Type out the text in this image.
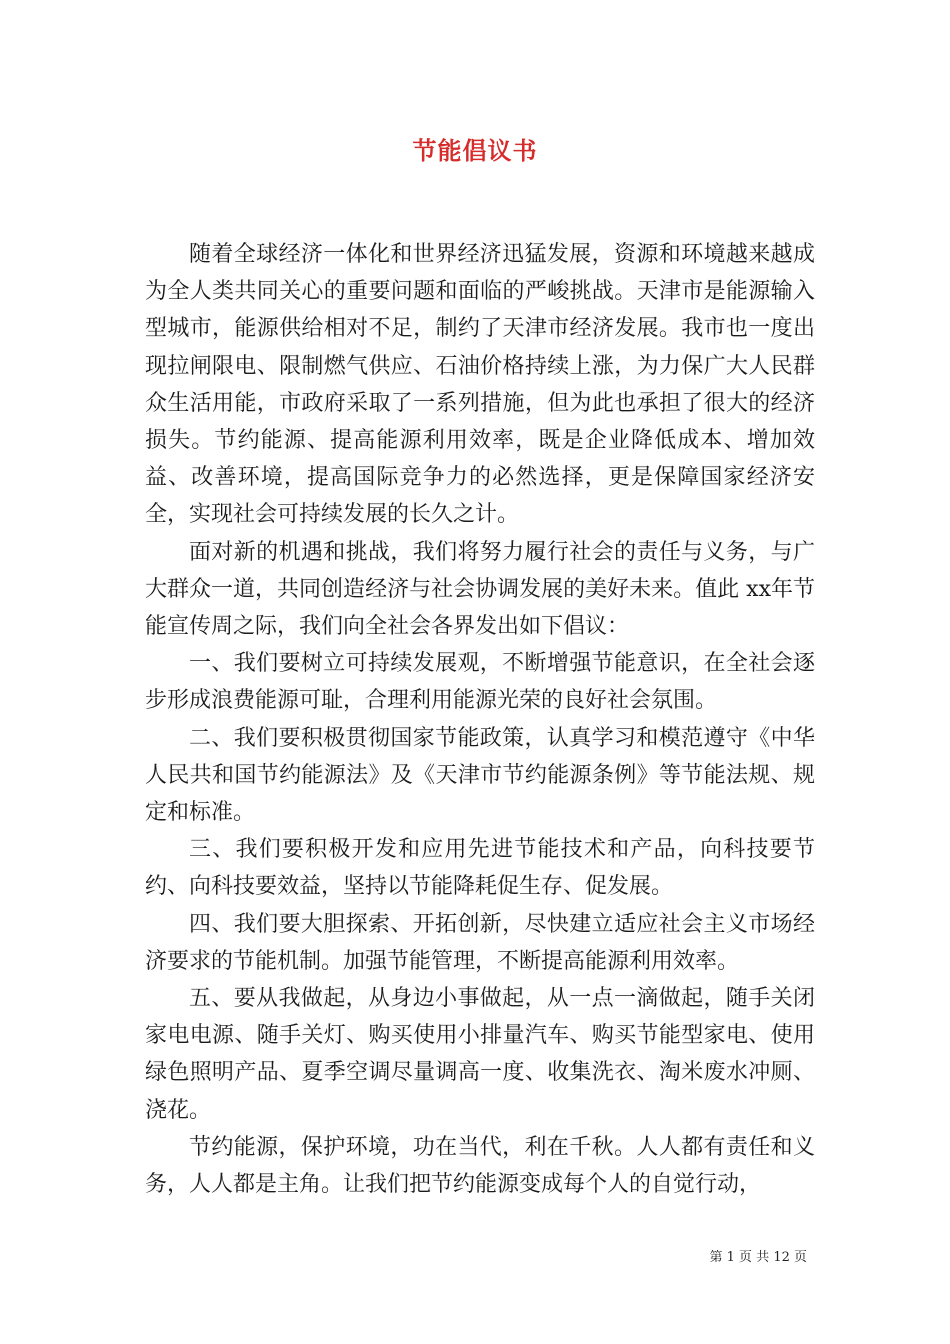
节能倡议书

随着全球经济一体化和世界经济迅猛发展，资源和环境越来越成为全人类共同关心的重要问题和面临的严峻挑战。天津市是能源输入型城市，能源供给相对不足，制约了天津市经济发展。我市也一度出现拉闸限电、限制燃气供应、石油价格持续上涨，为力保广大人民群众生活用能，市政府采取了一系列措施，但为此也承担了很大的经济损失。节约能源、提高能源利用效率，既是企业降低成本、增加效益、改善环境，提高国际竞争力的必然选择，更是保障国家经济安全，实现社会可持续发展的长久之计。

面对新的机遇和挑战，我们将努力履行社会的责任与义务，与广大群众一道，共同创造经济与社会协调发展的美好未来。值此 xx年节能宣传周之际，我们向全社会各界发出如下倡议：

一、我们要树立可持续发展观，不断增强节能意识，在全社会逐步形成浪费能源可耻，合理利用能源光荣的良好社会氛围。

二、我们要积极贯彻国家节能政策，认真学习和模范遵守《中华人民共和国节约能源法》及《天津市节约能源条例》等节能法规、规定和标准。

三、我们要积极开发和应用先进节能技术和产品，向科技要节约、向科技要效益，坚持以节能降耗促生存、促发展。

四、我们要大胆探索、开拓创新，尽快建立适应社会主义市场经济要求的节能机制。加强节能管理，不断提高能源利用效率。

五、要从我做起，从身边小事做起，从一点一滴做起，随手关闭家电电源、随手关灯、购买使用小排量汽车、购买节能型家电、使用绿色照明产品、夏季空调尽量调高一度、收集洗衣、淘米废水冲厕、浇花。

节约能源，保护环境，功在当代，利在千秋。人人都有责任和义务，人人都是主角。让我们把节约能源变成每个人的自觉行动，

第 1 页 共 12 页
